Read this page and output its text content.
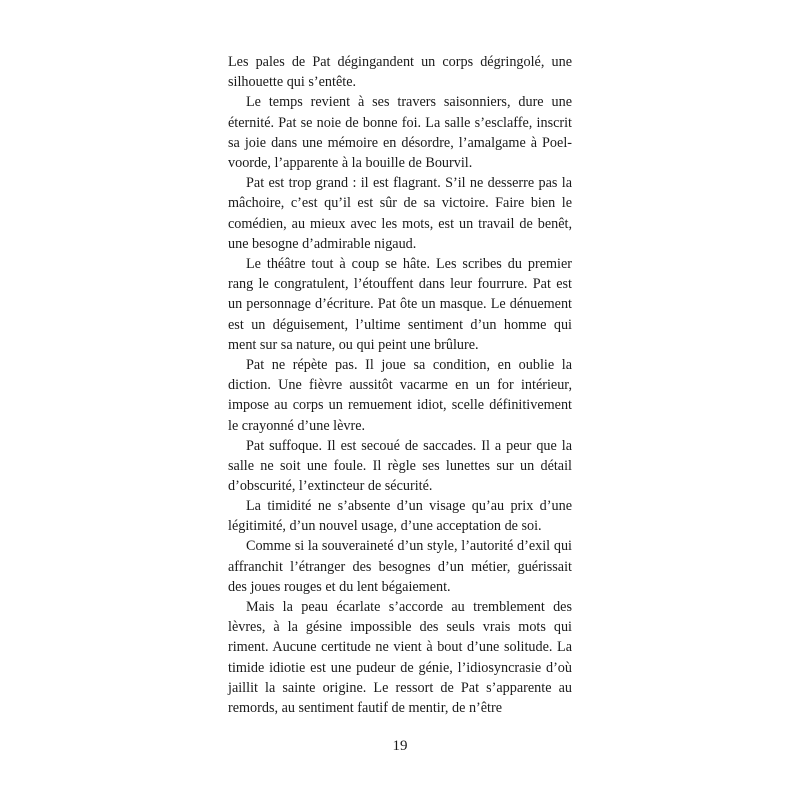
Les pales de Pat dégingandent un corps dégringolé, une silhouette qui s’entête.

Le temps revient à ses travers saisonniers, dure une éternité. Pat se noie de bonne foi. La salle s’esclaffe, inscrit sa joie dans une mémoire en désordre, l’amalgame à Poelvoorde, l’apparente à la bouille de Bourvil.

Pat est trop grand : il est flagrant. S’il ne desserre pas la mâchoire, c’est qu’il est sûr de sa victoire. Faire bien le comédien, au mieux avec les mots, est un travail de benêt, une besogne d’admirable nigaud.

Le théâtre tout à coup se hâte. Les scribes du premier rang le congratulent, l’étouffent dans leur fourrure. Pat est un personnage d’écriture. Pat ôte un masque. Le dénuement est un déguisement, l’ultime sentiment d’un homme qui ment sur sa nature, ou qui peint une brûlure.

Pat ne répète pas. Il joue sa condition, en oublie la diction. Une fièvre aussitôt vacarme en un for intérieur, impose au corps un remuement idiot, scelle définitivement le crayonné d’une lèvre.

Pat suffoque. Il est secoué de saccades. Il a peur que la salle ne soit une foule. Il règle ses lunettes sur un détail d’obscurité, l’extincteur de sécurité.

La timidité ne s’absente d’un visage qu’au prix d’une légitimité, d’un nouvel usage, d’une acceptation de soi.

Comme si la souveraineté d’un style, l’autorité d’exil qui affranchit l’étranger des besognes d’un métier, guérissait des joues rouges et du lent bégaiement.

Mais la peau écarlate s’accorde au tremblement des lèvres, à la gésine impossible des seuls vrais mots qui riment. Aucune certitude ne vient à bout d’une solitude. La timide idiotie est une pudeur de génie, l’idiosyncrasie d’où jaillit la sainte origine. Le ressort de Pat s’apparente au remords, au sentiment fautif de mentir, de n’être

19
